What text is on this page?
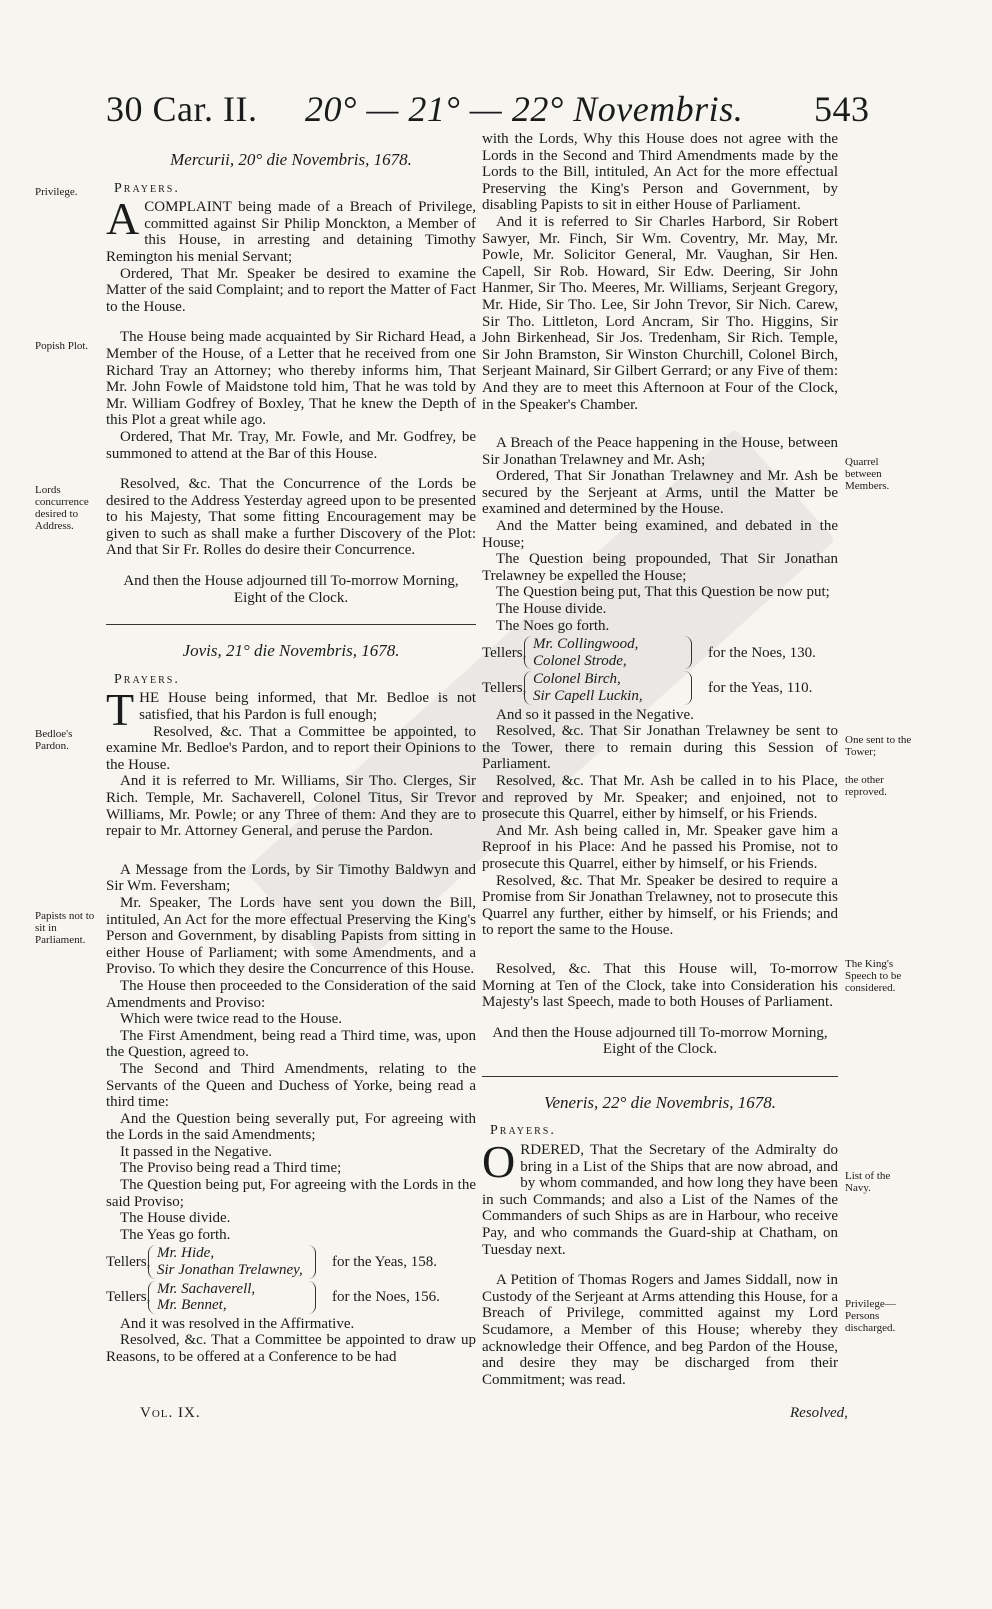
30 Car. II. 20° — 21° — 22° Novembris. 543
Mercurii, 20° die Novembris, 1678.
Prayers.

ACOMPLAINT being made of a Breach of Privilege, committed against Sir Philip Monckton, a Member of this House, in arresting and detaining Timothy Remington his menial Servant;

Ordered, That Mr. Speaker be desired to examine the Matter of the said Complaint; and to report the Matter of Fact to the House.

The House being made acquainted by Sir Richard Head, a Member of the House, of a Letter that he received from one Richard Tray an Attorney; who thereby informs him, That Mr. John Fowle of Maidstone told him, That he was told by Mr. William Godfrey of Boxley, That he knew the Depth of this Plot a great while ago.

Ordered, That Mr. Tray, Mr. Fowle, and Mr. Godfrey, be summoned to attend at the Bar of this House.

Resolved, &c. That the Concurrence of the Lords be desired to the Address Yesterday agreed upon to be presented to his Majesty, That some fitting Encouragement may be given to such as shall make a further Discovery of the Plot: And that Sir Fr. Rolles do desire their Concurrence.

And then the House adjourned till To-morrow Morning, Eight of the Clock.

Jovis, 21° die Novembris, 1678.
Prayers.

THE House being informed, that Mr. Bedloe is not satisfied, that his Pardon is full enough;

Resolved, &c. That a Committee be appointed, to examine Mr. Bedloe's Pardon, and to report their Opinions to the House.

And it is referred to Mr. Williams, Sir Tho. Clerges, Sir Rich. Temple, Mr. Sachaverell, Colonel Titus, Sir Trevor Williams, Mr. Powle; or any Three of them: And they are to repair to Mr. Attorney General, and peruse the Pardon.

A Message from the Lords, by Sir Timothy Baldwyn and Sir Wm. Feversham;

Mr. Speaker, The Lords have sent you down the Bill, intituled, An Act for the more effectual Preserving the King's Person and Government, by disabling Papists from sitting in either House of Parliament; with some Amendments, and a Proviso. To which they desire the Concurrence of this House.

The House then proceeded to the Consideration of the said Amendments and Proviso:

Which were twice read to the House.

The First Amendment, being read a Third time, was, upon the Question, agreed to.

The Second and Third Amendments, relating to the Servants of the Queen and Duchess of Yorke, being read a third time:

And the Question being severally put, For agreeing with the Lords in the said Amendments;

It passed in the Negative.

The Proviso being read a Third time;

The Question being put, For agreeing with the Lords in the said Proviso;

The House divide.

The Yeas go forth.

Tellers,
Mr. Hide,
Sir Jonathan Trelawney,
for the Yeas, 158.
Tellers,
Mr. Sachaverell,
Mr. Bennet,
for the Noes, 156.

And it was resolved in the Affirmative.

Resolved, &c. That a Committee be appointed to draw up Reasons, to be offered at a Conference to be had

with the Lords, Why this House does not agree with the Lords in the Second and Third Amendments made by the Lords to the Bill, intituled, An Act for the more effectual Preserving the King's Person and Government, by disabling Papists to sit in either House of Parliament.

And it is referred to Sir Charles Harbord, Sir Robert Sawyer, Mr. Finch, Sir Wm. Coventry, Mr. May, Mr. Powle, Mr. Solicitor General, Mr. Vaughan, Sir Hen. Capell, Sir Rob. Howard, Sir Edw. Deering, Sir John Hanmer, Sir Tho. Meeres, Mr. Williams, Serjeant Gregory, Mr. Hide, Sir Tho. Lee, Sir John Trevor, Sir Nich. Carew, Sir Tho. Littleton, Lord Ancram, Sir Tho. Higgins, Sir John Birkenhead, Sir Jos. Tredenham, Sir Rich. Temple, Sir John Bramston, Sir Winston Churchill, Colonel Birch, Serjeant Mainard, Sir Gilbert Gerrard; or any Five of them: And they are to meet this Afternoon at Four of the Clock, in the Speaker's Chamber.

A Breach of the Peace happening in the House, between Sir Jonathan Trelawney and Mr. Ash;

Ordered, That Sir Jonathan Trelawney and Mr. Ash be secured by the Serjeant at Arms, until the Matter be examined and determined by the House.

And the Matter being examined, and debated in the House;

The Question being propounded, That Sir Jonathan Trelawney be expelled the House;

The Question being put, That this Question be now put;

The House divide.

The Noes go forth.

Tellers,
Mr. Collingwood,
Colonel Strode,
for the Noes, 130.
Tellers,
Colonel Birch,
Sir Capell Luckin,
for the Yeas, 110.

And so it passed in the Negative.

Resolved, &c. That Sir Jonathan Trelawney be sent to the Tower, there to remain during this Session of Parliament.

Resolved, &c. That Mr. Ash be called in to his Place, and reproved by Mr. Speaker; and enjoined, not to prosecute this Quarrel, either by himself, or his Friends.

And Mr. Ash being called in, Mr. Speaker gave him a Reproof in his Place: And he passed his Promise, not to prosecute this Quarrel, either by himself, or his Friends.

Resolved, &c. That Mr. Speaker be desired to require a Promise from Sir Jonathan Trelawney, not to prosecute this Quarrel any further, either by himself, or his Friends; and to report the same to the House.

Resolved, &c. That this House will, To-morrow Morning at Ten of the Clock, take into Consideration his Majesty's last Speech, made to both Houses of Parliament.

And then the House adjourned till To-morrow Morning, Eight of the Clock.

Veneris, 22° die Novembris, 1678.
Prayers.

ORDERED, That the Secretary of the Admiralty do bring in a List of the Ships that are now abroad, and by whom commanded, and how long they have been in such Commands; and also a List of the Names of the Commanders of such Ships as are in Harbour, who receive Pay, and who commands the Guard-ship at Chatham, on Tuesday next.

A Petition of Thomas Rogers and James Siddall, now in Custody of the Serjeant at Arms attending this House, for a Breach of Privilege, committed against my Lord Scudamore, a Member of this House; whereby they acknowledge their Offence, and beg Pardon of the House, and desire they may be discharged from their Commitment; was read.

Privilege.
Popish Plot.
Lords concurrence desired to Address.
Bedloe's Pardon.
Papists not to sit in Parliament.
Quarrel between Members.
One sent to the Tower;
the other reproved.
The King's Speech to be considered.
List of the Navy.
Privilege—Persons discharged.
Vol. IX.	Resolved,
